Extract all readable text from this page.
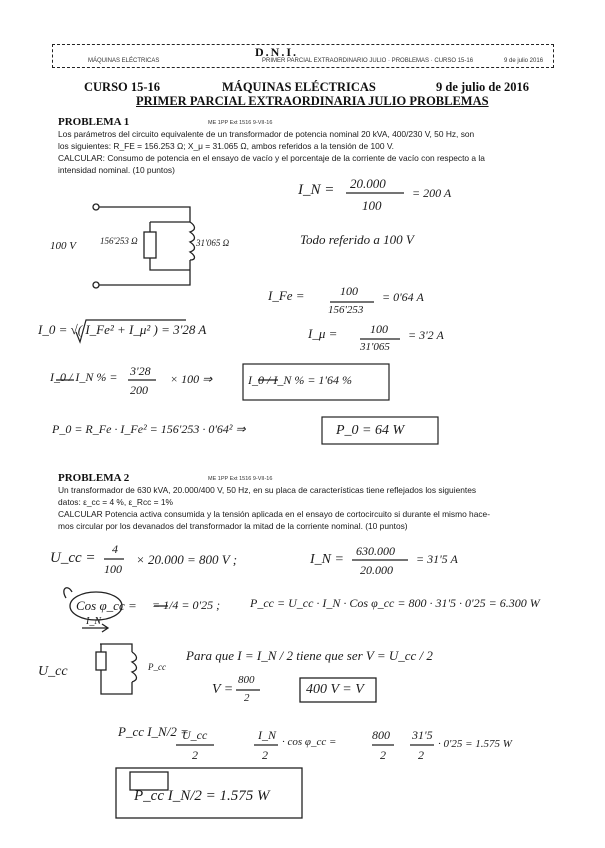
D.N.I.
MÁQUINAS ELÉCTRICAS	PRIMER PARCIAL EXTRAORDINARIO JULIO · PROBLEMAS · CURSO 15-16	9 de julio 2016
CURSO 15-16	MÁQUINAS ELÉCTRICAS	9 de julio de 2016
PRIMER PARCIAL EXTRAORDINARIA JULIO PROBLEMAS
PROBLEMA 1	ME 1PP Ext 1516 9-VII-16
Los parámetros del circuito equivalente de un transformador de potencia nominal 20 kVA, 400/230 V, 50 Hz, son
los siguientes: R_FE = 156.253 Ω; X_μ = 31.065 Ω, ambos referidos a la tensión de 100 V.
CALCULAR: Consumo de potencia en el ensayo de vacío y el porcentaje de la corriente de vacío con respecto a la
intensidad nominal. (10 puntos)
100 V	156'253 Ω	31'065 Ω
I_N = 20.000
100
= 200 A
Todo referido a 100 V
I_Fe =	100
156'253
= 0'64 A
I_μ =	100
31'065
= 3'2 A
I_0 = √( I_Fe² + I_μ² ) = 3'28 A
I_0 / I_N % = 3'28
200
× 100 ⇒	I_0 / I_N % = 1'64 %
P_0 = R_Fe · I_Fe² = 156'253 · 0'64² ⇒	P_0 = 64 W
PROBLEMA 2	ME 1PP Ext 1516 9-VII-16
Un transformador de 630 kVA, 20.000/400 V, 50 Hz, en su placa de características tiene reflejados los siguientes
datos: ε_cc = 4 %, ε_Rcc = 1%
CALCULAR Potencia activa consumida y la tensión aplicada en el ensayo de cortocircuito si durante el mismo hace-
mos circular por los devanados del transformador la mitad de la corriente nominal. (10 puntos)
U_cc =
4
100
× 20.000 = 800 V ;	I_N =
630.000
20.000
= 31'5 A
Cos φ_cc = = 1/4 = 0'25 ; P_cc = U_cc · I_N · Cos φ_cc = 800 · 31'5 · 0'25 = 6.300 W
I_N
U_cc	P_cc
Para que I = I_N / 2 tiene que ser V = U_cc / 2
V =
800
2
400 V = V
P_cc I_N/2 =
U_cc
2
I_N
2
· cos φ_cc =	800
2
31'5
2
· 0'25 = 1.575 W
P_cc I_N/2 = 1.575 W
